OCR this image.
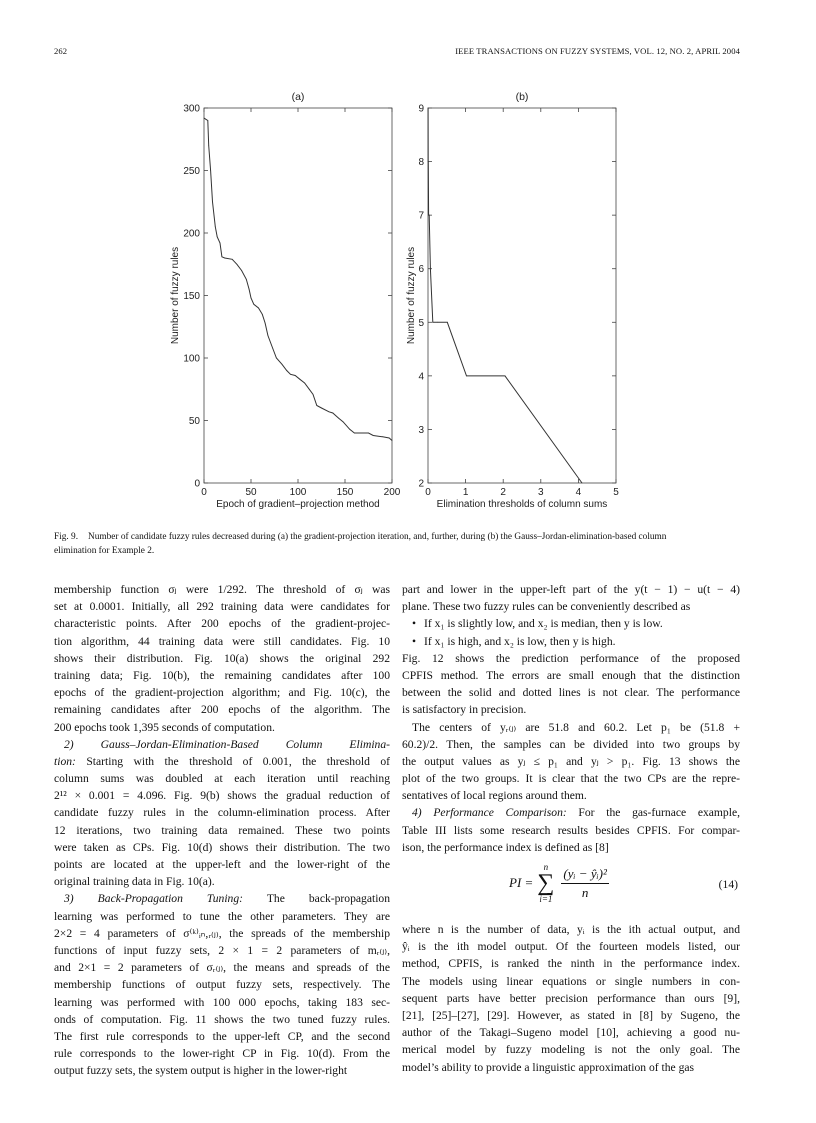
262	IEEE TRANSACTIONS ON FUZZY SYSTEMS, VOL. 12, NO. 2, APRIL 2004
0	50	100	150	200
0
50
100
150
200
250
300
(a)
Epoch of gradient–projection method
Number of fuzzy rules
0	1	2	3	4	5
2
3
4
5
6
7
8
9
(b)
Elimination thresholds of column sums
Number of fuzzy rules
Fig. 9. Number of candidate fuzzy rules decreased during (a) the gradient-projection iteration, and, further, during (b) the Gauss–Jordan-elimination-based column
elimination for Example 2.
membership function σⱼ were 1/292. The threshold of σⱼ was
set at 0.0001. Initially, all 292 training data were candidates for
characteristic points. After 200 epochs of the gradient-projec-
tion algorithm, 44 training data were still candidates. Fig. 10
shows their distribution. Fig. 10(a) shows the original 292
training data; Fig. 10(b), the remaining candidates after 100
epochs of the gradient-projection algorithm; and Fig. 10(c), the
remaining candidates after 200 epochs of the algorithm. The
200 epochs took 1,395 seconds of computation.
2) Gauss–Jordan-Elimination-Based Column Elimina-
tion: Starting with the threshold of 0.001, the threshold of
column sums was doubled at each iteration until reaching
2¹² × 0.001 = 4.096. Fig. 9(b) shows the gradual reduction of
candidate fuzzy rules in the column-elimination process. After
12 iterations, two training data remained. These two points
were taken as CPs. Fig. 10(d) shows their distribution. The two
points are located at the upper-left and the lower-right of the
original training data in Fig. 10(a).
3) Back-Propagation Tuning: The back-propagation
learning was performed to tune the other parameters. They are
2×2 = 4 parameters of σ⁽ᵏ⁾ᵢₙ,ᵣ₍ⱼ₎, the spreads of the membership
functions of input fuzzy sets, 2 × 1 = 2 parameters of mᵣ₍ⱼ₎,
and 2×1 = 2 parameters of σᵣ₍ⱼ₎, the means and spreads of the
membership functions of output fuzzy sets, respectively. The
learning was performed with 100 000 epochs, taking 183 sec-
onds of computation. Fig. 11 shows the two tuned fuzzy rules.
The first rule corresponds to the upper-left CP, and the second
rule corresponds to the lower-right CP in Fig. 10(d). From the
output fuzzy sets, the system output is higher in the lower-right
part and lower in the upper-left part of the y(t − 1) − u(t − 4)
plane. These two fuzzy rules can be conveniently described as
• If x₁ is slightly low, and x₂ is median, then y is low.
• If x₁ is high, and x₂ is low, then y is high.
Fig. 12 shows the prediction performance of the proposed
CPFIS method. The errors are small enough that the distinction
between the solid and dotted lines is not clear. The performance
is satisfactory in precision.
The centers of yᵣ₍ⱼ₎ are 51.8 and 60.2. Let p₁ be (51.8 +
60.2)/2. Then, the samples can be divided into two groups by
the output values as yⱼ ≤ p₁ and yⱼ > p₁. Fig. 13 shows the
plot of the two groups. It is clear that the two CPs are the repre-
sentatives of local regions around them.
4) Performance Comparison: For the gas-furnace example,
Table III lists some research results besides CPFIS. For compar-
ison, the performance index is defined as [8]
PI =
n
∑
$i=1 \frac{\text{(yᵢ − ŷᵢ)²}}{n}$	(14)
where n is the number of data, yᵢ is the ith actual output, and
ŷᵢ is the ith model output. Of the fourteen models listed, our
method, CPFIS, is ranked the ninth in the performance index.
The models using linear equations or single numbers in con-
sequent parts have better precision performance than ours [9],
[21], [25]–[27], [29]. However, as stated in [8] by Sugeno, the
author of the Takagi–Sugeno model [10], achieving a good nu-
merical model by fuzzy modeling is not the only goal. The
model’s ability to provide a linguistic approximation of the gas
